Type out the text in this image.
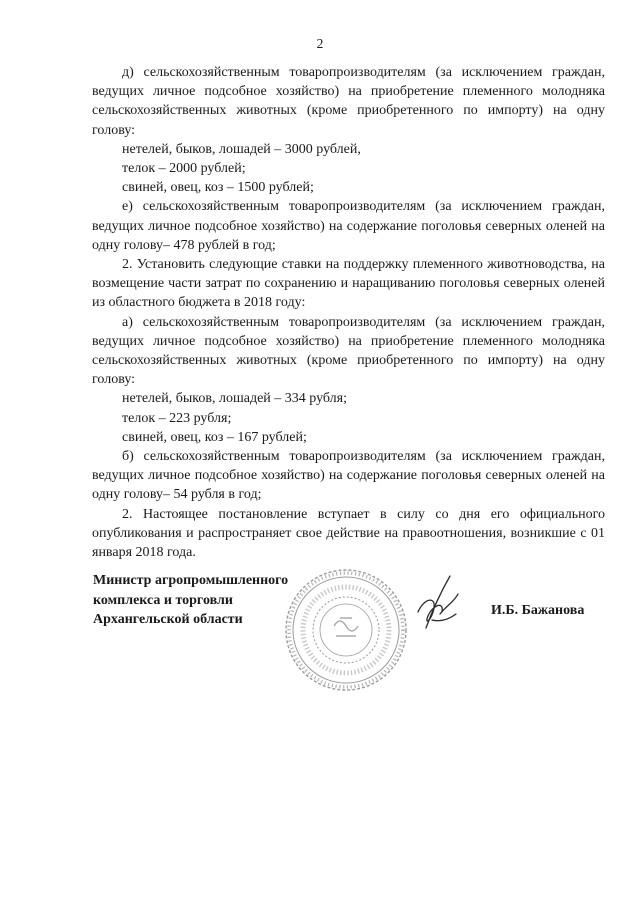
2

д) сельскохозяйственным товаропроизводителям (за исключением граждан, ведущих личное подсобное хозяйство) на приобретение племенного молодняка сельскохозяйственных животных (кроме приобретенного по импорту) на одну голову:

нетелей, быков, лошадей – 3000 рублей,

телок – 2000 рублей;

свиней, овец, коз – 1500 рублей;

е) сельскохозяйственным товаропроизводителям (за исключением граждан, ведущих личное подсобное хозяйство) на содержание поголовья северных оленей на одну голову– 478 рублей в год;

2. Установить следующие ставки на поддержку племенного животноводства, на возмещение части затрат по сохранению и наращиванию поголовья северных оленей из областного бюджета в 2018 году:

а) сельскохозяйственным товаропроизводителям (за исключением граждан, ведущих личное подсобное хозяйство) на приобретение племенного молодняка сельскохозяйственных животных (кроме приобретенного по импорту) на одну голову:

нетелей, быков, лошадей – 334 рубля;

телок – 223 рубля;

свиней, овец, коз – 167 рублей;

б) сельскохозяйственным товаропроизводителям (за исключением граждан, ведущих личное подсобное хозяйство) на содержание поголовья северных оленей на одну голову– 54 рубля в год;

2. Настоящее постановление вступает в силу со дня его официального опубликования и распространяет свое действие на правоотношения, возникшие с 01 января 2018 года.

Министр агропромышленного
комплекса и торговли
Архангельской области
И.Б. Бажанова
